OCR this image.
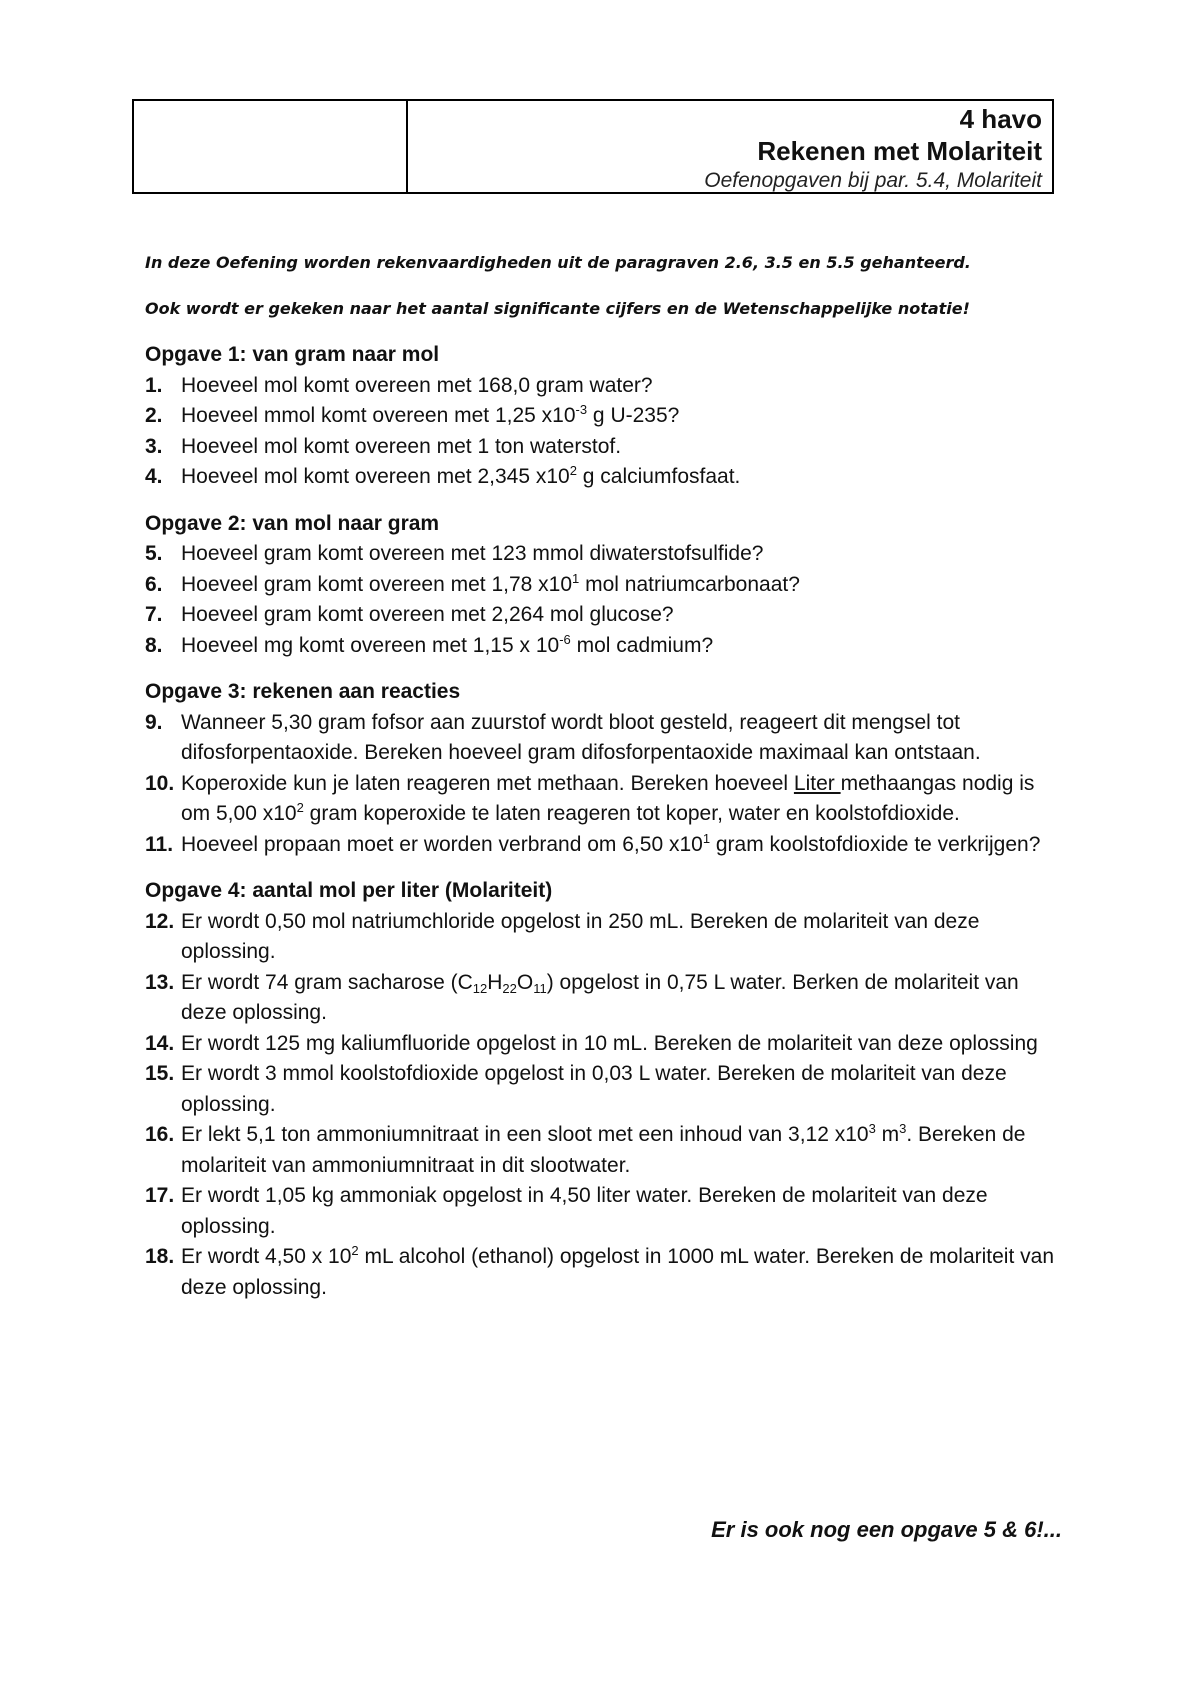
4 havo
Rekenen met Molariteit
Oefenopgaven bij par. 5.4, Molariteit
In deze Oefening worden rekenvaardigheden uit de paragraven 2.6, 3.5 en 5.5 gehanteerd.
Ook wordt er gekeken naar het aantal significante cijfers en de Wetenschappelijke notatie!
Opgave 1: van gram naar mol
1. Hoeveel mol komt overeen met 168,0 gram water?
2. Hoeveel mmol komt overeen met 1,25 $x10^{-3}$ g U-235?
3. Hoeveel mol komt overeen met 1 ton waterstof.
4. Hoeveel mol komt overeen met 2,345 $x10^2$ g calciumfosfaat.
Opgave 2: van mol naar gram
5. Hoeveel gram komt overeen met 123 mmol diwaterstofsulfide?
6. Hoeveel gram komt overeen met 1,78 $x10^1$ mol natriumcarbonaat?
7. Hoeveel gram komt overeen met 2,264 mol glucose?
8. Hoeveel mg komt overeen met 1,15 x $10^{-6}$ mol cadmium?
Opgave 3: rekenen aan reacties
9. Wanneer 5,30 gram fofsor aan zuurstof wordt bloot gesteld, reageert dit mengsel tot difosforpentaoxide. Bereken hoeveel gram difosforpentaoxide maximaal kan ontstaan.
10. Koperoxide kun je laten reageren met methaan. Bereken hoeveel Liter methaangas nodig is om 5,00 $x10^2$ gram koperoxide te laten reageren tot koper, water en koolstofdioxide.
11. Hoeveel propaan moet er worden verbrand om 6,50 $x10^1$ gram koolstofdioxide te verkrijgen?
Opgave 4: aantal mol per liter (Molariteit)
12. Er wordt 0,50 mol natriumchloride opgelost in 250 mL. Bereken de molariteit van deze oplossing.
13. Er wordt 74 gram sacharose $(C_{12}H_{22}O_{11})$ opgelost in 0,75 L water. Berken de molariteit van deze oplossing.
14. Er wordt 125 mg kaliumfluoride opgelost in 10 mL. Bereken de molariteit van deze oplossing
15. Er wordt 3 mmol koolstofdioxide opgelost in 0,03 L water. Bereken de molariteit van deze oplossing.
16. Er lekt 5,1 ton ammoniumnitraat in een sloot met een inhoud van 3,12 $x10^3$ $m^3$. Bereken de molariteit van ammoniumnitraat in dit slootwater.
17. Er wordt 1,05 kg ammoniak opgelost in 4,50 liter water. Bereken de molariteit van deze oplossing.
18. Er wordt 4,50 x $10^2$ mL alcohol (ethanol) opgelost in 1000 mL water. Bereken de molariteit van deze oplossing.
Er is ook nog een opgave 5 & 6!...
